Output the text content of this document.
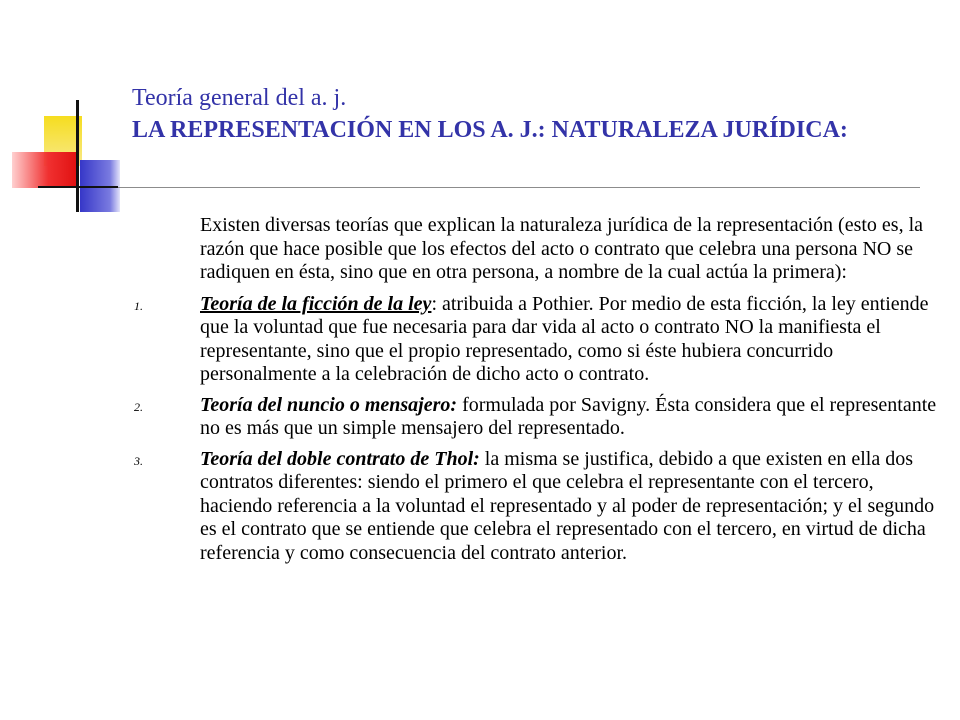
Teoría general del a. j.
LA REPRESENTACIÓN EN LOS A. J.: NATURALEZA JURÍDICA:

Existen diversas teorías que explican la naturaleza jurídica de la representación (esto es, la razón que hace posible que los efectos del acto o contrato que celebra una persona NO se radiquen en ésta, sino que en otra persona, a nombre de la cual actúa la primera):

1.	Teoría de la ficción de la ley: atribuida a Pothier. Por medio de esta ficción, la ley entiende que la voluntad que fue necesaria para dar vida al acto o contrato NO la manifiesta el representante, sino que el propio representado, como si éste hubiera concurrido personalmente a la celebración de dicho acto o contrato.
2.	Teoría del nuncio o mensajero: formulada por Savigny. Ésta considera que el representante no es más que un simple mensajero del representado.
3.	Teoría del doble contrato de Thol: la misma se justifica, debido a que existen en ella dos contratos diferentes: siendo el primero el que celebra el representante con el tercero, haciendo referencia a la voluntad el representado y al poder de representación; y el segundo es el contrato que se entiende que celebra el representado con el tercero, en virtud de dicha referencia y como consecuencia del contrato anterior.
